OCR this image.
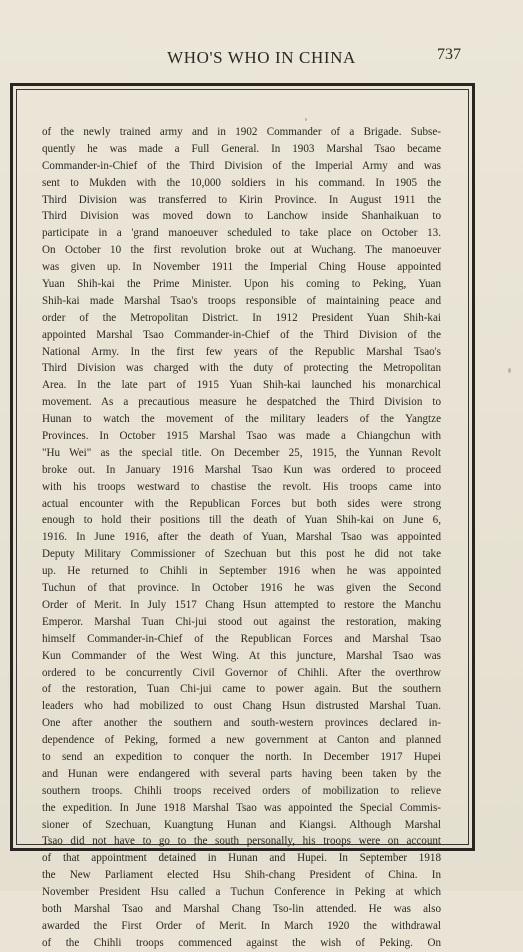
WHO'S WHO IN CHINA	737
of the newly trained army and in 1902 Commander of a Brigade. Subse-
quently he was made a Full General. In 1903 Marshal Tsao became
Commander-in-Chief of the Third Division of the Imperial Army and was
sent to Mukden with the 10,000 soldiers in his command. In 1905 the
Third Division was transferred to Kirin Province. In August 1911 the
Third Division was moved down to Lanchow inside Shanhaikuan to
participate in a 'grand manoeuver scheduled to take place on October 13.
On October 10 the first revolution broke out at Wuchang. The manoeuver
was given up. In November 1911 the Imperial Ching House appointed
Yuan Shih-kai the Prime Minister. Upon his coming to Peking, Yuan
Shih-kai made Marshal Tsao's troops responsible of maintaining peace and
order of the Metropolitan District. In 1912 President Yuan Shih-kai
appointed Marshal Tsao Commander-in-Chief of the Third Division of the
National Army. In the first few years of the Republic Marshal Tsao's
Third Division was charged with the duty of protecting the Metropolitan
Area. In the late part of 1915 Yuan Shih-kai launched his monarchical
movement. As a precautious measure he despatched the Third Division to
Hunan to watch the movement of the military leaders of the Yangtze
Provinces. In October 1915 Marshal Tsao was made a Chiangchun with
"Hu Wei" as the special title. On December 25, 1915, the Yunnan Revolt
broke out. In January 1916 Marshal Tsao Kun was ordered to proceed
with his troops westward to chastise the revolt. His troops came into
actual encounter with the Republican Forces but both sides were strong
enough to hold their positions till the death of Yuan Shih-kai on June 6,
1916. In June 1916, after the death of Yuan, Marshal Tsao was appointed
Deputy Military Commissioner of Szechuan but this post he did not take
up. He returned to Chihli in September 1916 when he was appointed
Tuchun of that province. In October 1916 he was given the Second
Order of Merit. In July 1517 Chang Hsun attempted to restore the Manchu
Emperor. Marshal Tuan Chi-jui stood out against the restoration, making
himself Commander-in-Chief of the Republican Forces and Marshal Tsao
Kun Commander of the West Wing. At this juncture, Marshal Tsao was
ordered to be concurrently Civil Governor of Chihli. After the overthrow
of the restoration, Tuan Chi-jui came to power again. But the southern
leaders who had mobilized to oust Chang Hsun distrusted Marshal Tuan.
One after another the southern and south-western provinces declared in-
dependence of Peking, formed a new government at Canton and planned
to send an expedition to conquer the north. In December 1917 Hupei
and Hunan were endangered with several parts having been taken by the
southern troops. Chihli troops received orders of mobilization to relieve
the expedition. In June 1918 Marshal Tsao was appointed the Special Commis-
sioner of Szechuan, Kuangtung Hunan and Kiangsi. Although Marshal
Tsao did not have to go to the south personally, his troops were on account
of that appointment detained in Hunan and Hupei. In September 1918
the New Parliament elected Hsu Shih-chang President of China. In
November President Hsu called a Tuchun Conference in Peking at which
both Marshal Tsao and Marshal Chang Tso-lin attended. He was also
awarded the First Order of Merit. In March 1920 the withdrawal
of the Chihli troops commenced against the wish of Peking. On
